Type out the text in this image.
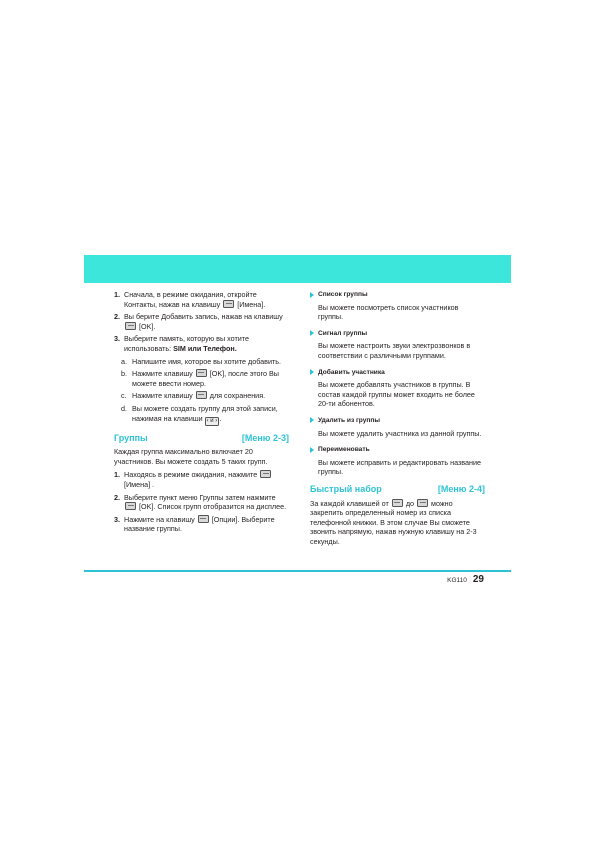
1. Сначала, в режиме ожидания, откройте Контакты, нажав на клавишу [Имена].
2. Вы берите Добавить запись, нажав на клавишу  [OK].
3. Выберите память, которую вы хотите использовать: SIM или Телефон.
a. Напишите имя, которое вы хотите добавить.
b. Нажмите клавишу [OK], после этого Вы можете ввести номер.
c. Нажмите клавишу для сохранения.
d. Вы можете создать группу для этой записи, нажимая на клавиши ‹ и › .
Группы	[Меню 2-3]
Каждая группа максимально включает 20 участников. Вы можете создать 5 таких групп.
1. Находясь в режиме ожидания, нажмите  [Имена] .
2. Выберите пункт меню Группы затем нажмите  [OK]. Список групп отобразится на дисплее.
3. Нажмите на клавишу [Опции]. Выберите название группы.
Список группы
Вы можете посмотреть список участников группы.
Сигнал группы
Вы можете настроить звуки электрозвонков в соответствии с различными группами.
Добавить участника
Вы можете добавлять участников в группы. В состав каждой группы может входить не более 20-ти абонентов.
Удалить из группы
Вы можете удалить участника из данной группы.
Переименовать
Вы можете исправить и редактировать название группы.
Быстрый набор	[Меню 2-4]
За каждой клавишей от до можно закрепить определенный номер из списка телефонной книжки. В этом случае Вы сможете звонить напрямую, нажав нужную клавишу на 2-3 секунды.
KG110 29
